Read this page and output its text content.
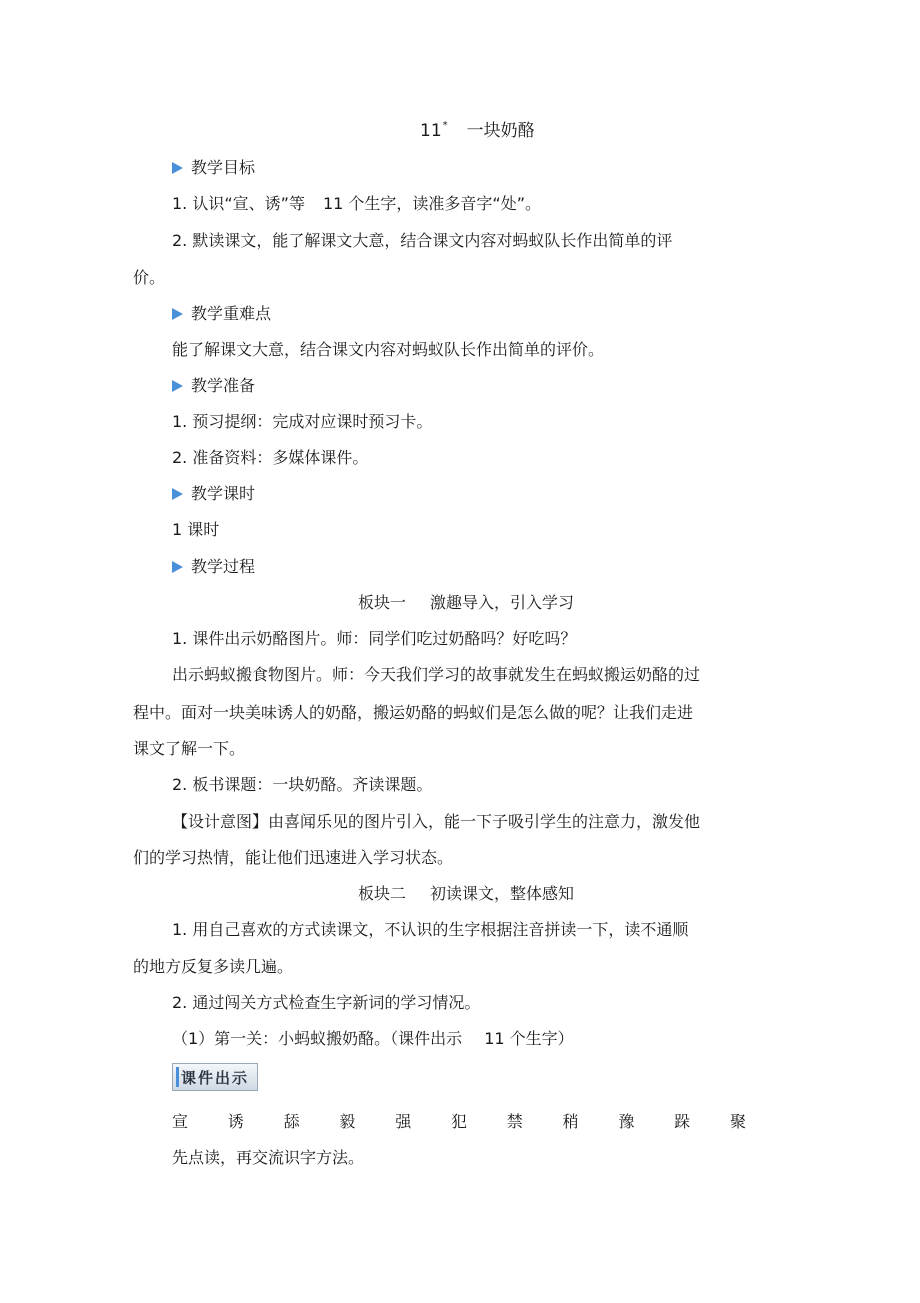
11* 一块奶酪
教学目标
1. 认识“宣、诱”等 11 个生字，读准多音字“处”。
2. 默读课文，能了解课文大意，结合课文内容对蚂蚁队长作出简单的评
价。
教学重难点
能了解课文大意，结合课文内容对蚂蚁队长作出简单的评价。
教学准备
1. 预习提纲：完成对应课时预习卡。
2. 准备资料：多媒体课件。
教学课时
1 课时
教学过程
板块一 激趣导入，引入学习
1. 课件出示奶酪图片。师：同学们吃过奶酪吗？好吃吗？
出示蚂蚁搬食物图片。师：今天我们学习的故事就发生在蚂蚁搬运奶酪的过
程中。面对一块美味诱人的奶酪，搬运奶酪的蚂蚁们是怎么做的呢？让我们走进
课文了解一下。
2. 板书课题：一块奶酪。齐读课题。
【设计意图】由喜闻乐见的图片引入，能一下子吸引学生的注意力，激发他
们的学习热情，能让他们迅速进入学习状态。
板块二 初读课文，整体感知
1. 用自己喜欢的方式读课文，不认识的生字根据注音拼读一下，读不通顺
的地方反复多读几遍。
2. 通过闯关方式检查生字新词的学习情况。
（1）第一关：小蚂蚁搬奶酪。（课件出示 11 个生字）
课件出示
宣 诱 舔 毅 强 犯 禁 稍 豫 跺 聚
先点读，再交流识字方法。
